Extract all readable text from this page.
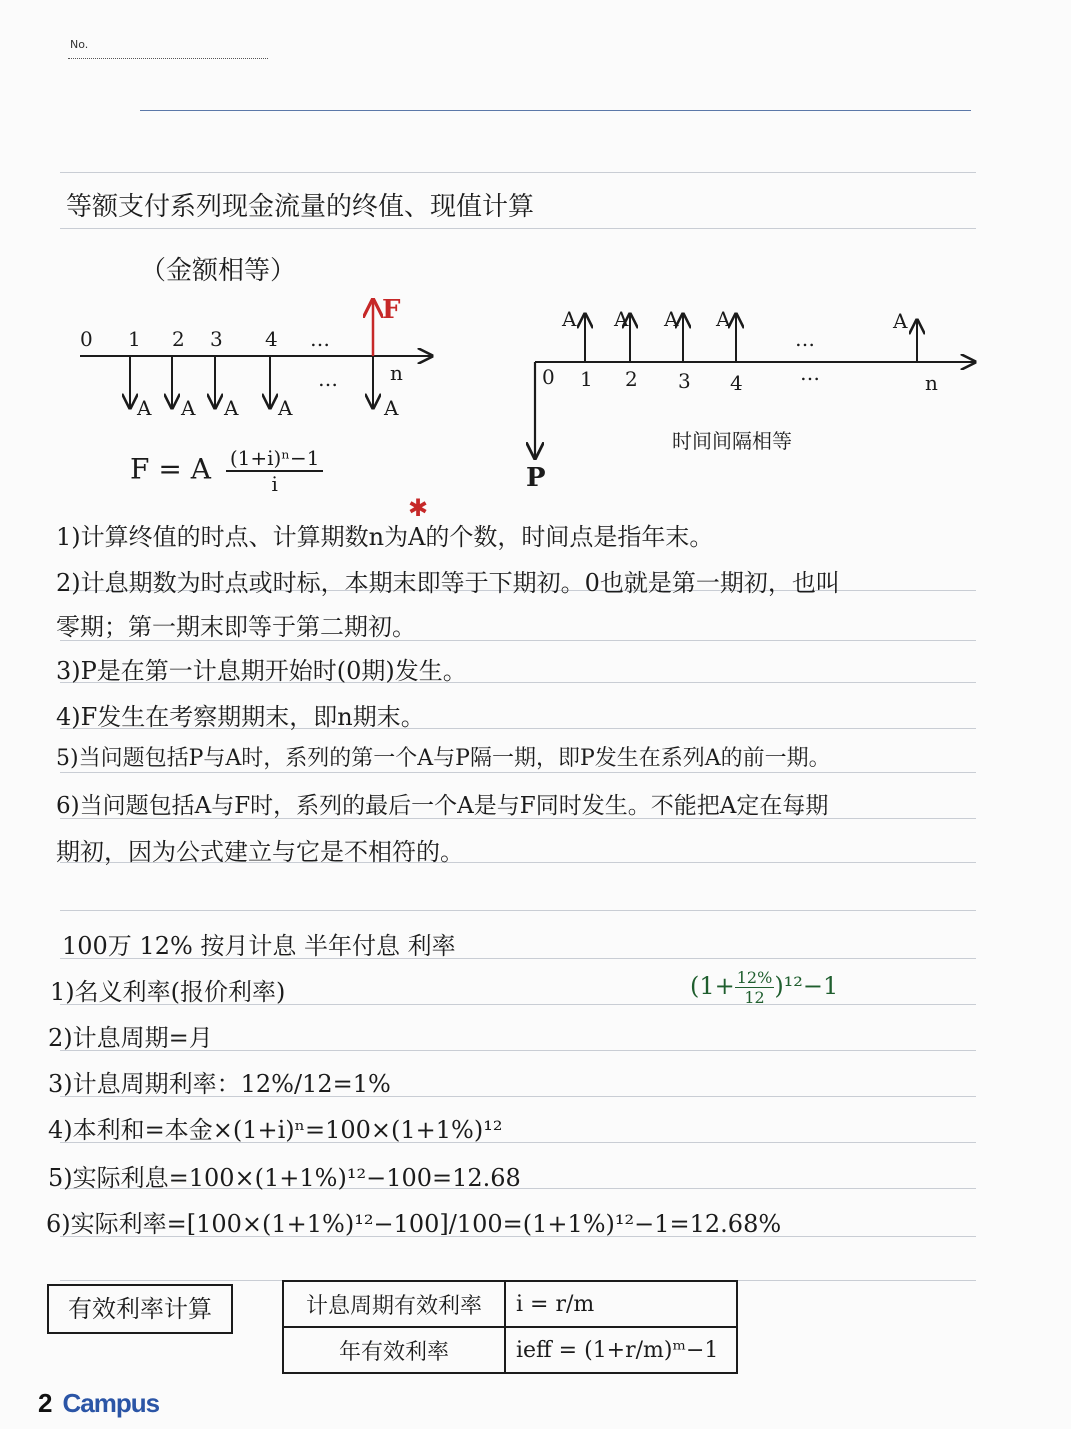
No.
等额支付系列现金流量的终值、现值计算
（金额相等）
0 1 2 3 4 …
n
A A A A	A
…
F
P
0 1 2 3 4	…	n
A A A A	A
…
时间间隔相等
F = A $\frac{\text{(1+i)ⁿ−1}}{i}$
✱
1)计算终值的时点、计算期数n为A的个数，时间点是指年末。
2)计息期数为时点或时标，本期末即等于下期初。0也就是第一期初，也叫
零期；第一期末即等于第二期初。
3)P是在第一计息期开始时(0期)发生。
4)F发生在考察期期末，即n期末。
5)当问题包括P与A时，系列的第一个A与P隔一期，即P发生在系列A的前一期。
6)当问题包括A与F时，系列的最后一个A是与F同时发生。不能把A定在每期
期初，因为公式建立与它是不相符的。
100万 12% 按月计息 半年付息 利率
1)名义利率(报价利率)
2)计息周期=月
3)计息周期利率：12%/12=1%
4)本利和=本金×(1+i)ⁿ=100×(1+1%)¹²
5)实际利息=100×(1+1%)¹²−100=12.68
6)实际利率=[100×(1+1%)¹²−100]/100=(1+1%)¹²−1=12.68%
$(1+ \frac{12\%}{12})^{12}-1$
有效利率计算	计息周期有效利率	i = r/m
年有效利率	ieff = (1+r/m)ᵐ−1
2 Campus
